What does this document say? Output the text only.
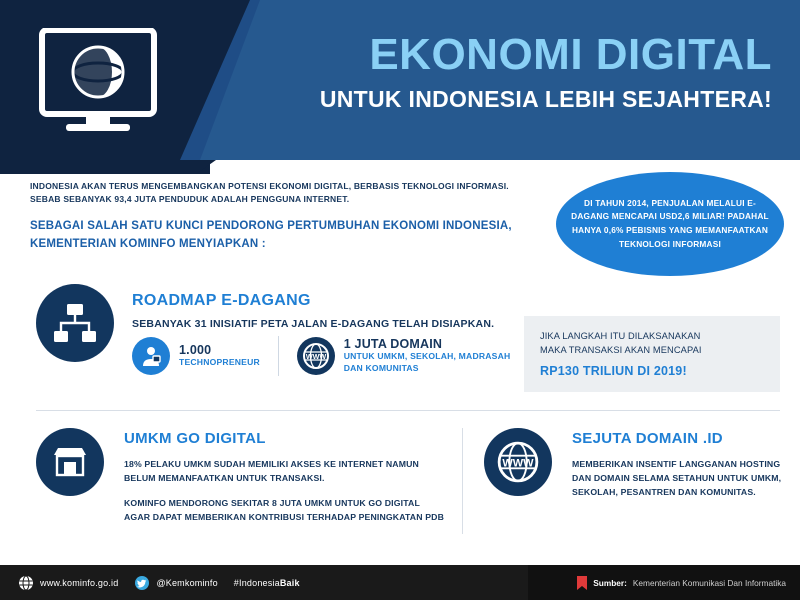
EKONOMI DIGITAL
UNTUK INDONESIA LEBIH SEJAHTERA!
INDONESIA AKAN TERUS MENGEMBANGKAN POTENSI EKONOMI DIGITAL, BERBASIS TEKNOLOGI INFORMASI. SEBAB SEBANYAK 93,4 JUTA PENDUDUK ADALAH PENGGUNA INTERNET.
SEBAGAI SALAH SATU KUNCI PENDORONG PERTUMBUHAN EKONOMI INDONESIA, KEMENTERIAN KOMINFO MENYIAPKAN :
DI TAHUN 2014, PENJUALAN MELALUI E-DAGANG MENCAPAI USD2,6 MILIAR! PADAHAL HANYA 0,6% PEBISNIS YANG MEMANFAATKAN TEKNOLOGI INFORMASI
ROADMAP E-DAGANG
SEBANYAK 31 INISIATIF PETA JALAN E-DAGANG TELAH DISIAPKAN.
1.000
TECHNOPRENEUR
WWW
1 JUTA DOMAIN
UNTUK UMKM, SEKOLAH, MADRASAH DAN KOMUNITAS
JIKA LANGKAH ITU DILAKSANAKAN
MAKA TRANSAKSI AKAN MENCAPAI
RP130 TRILIUN DI 2019!
UMKM GO DIGITAL
18% PELAKU UMKM SUDAH MEMILIKI AKSES KE INTERNET NAMUN BELUM MEMANFAATKAN UNTUK TRANSAKSI.
KOMINFO MENDORONG SEKITAR 8 JUTA UMKM UNTUK GO DIGITAL AGAR DAPAT MEMBERIKAN KONTRIBUSI TERHADAP PENINGKATAN PDB
WWW
SEJUTA DOMAIN .ID
MEMBERIKAN INSENTIF LANGGANAN HOSTING DAN DOMAIN SELAMA SETAHUN UNTUK UMKM, SEKOLAH, PESANTREN DAN KOMUNITAS.
www.kominfo.go.id	@Kemkominfo #IndonesiaBaik	Sumber: Kementerian Komunikasi Dan Informatika
